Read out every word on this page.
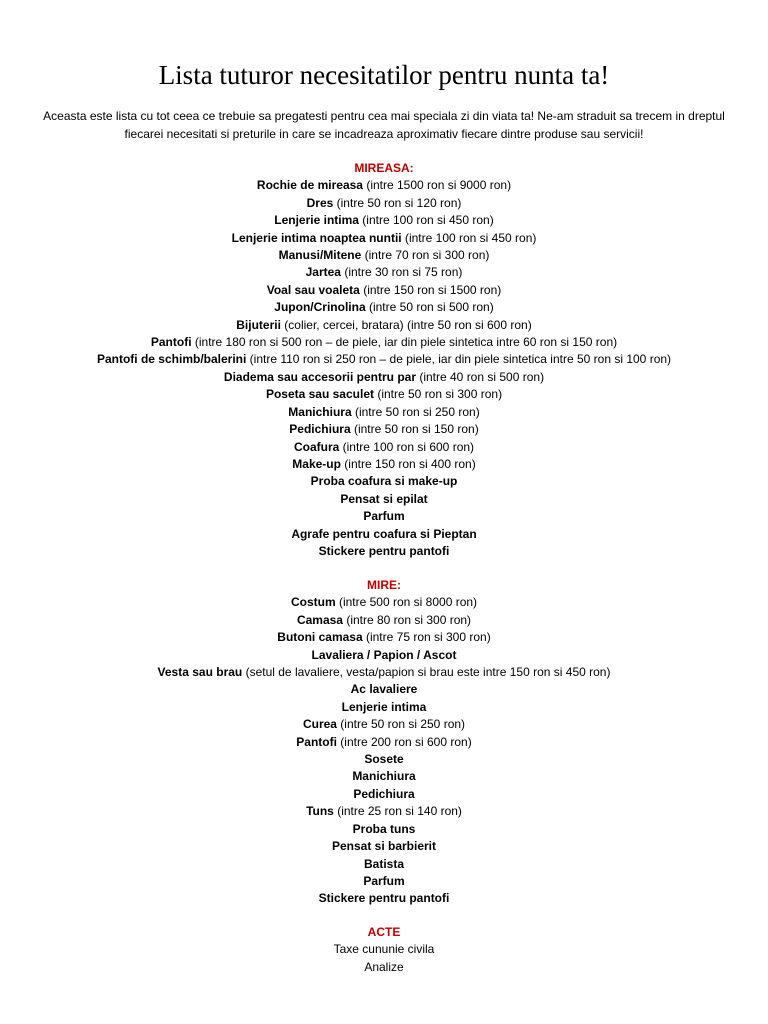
Lista tuturor necesitatilor pentru nunta ta!

Aceasta este lista cu tot ceea ce trebuie sa pregatesti pentru cea mai speciala zi din viata ta! Ne-am straduit sa trecem in dreptul fiecarei necesitati si preturile in care se incadreaza aproximativ fiecare dintre produse sau servicii!

MIREASA:

Rochie de mireasa (intre 1500 ron si 9000 ron)

Dres (intre 50 ron si 120 ron)

Lenjerie intima (intre 100 ron si 450 ron)

Lenjerie intima noaptea nuntii (intre 100 ron si 450 ron)

Manusi/Mitene (intre 70 ron si 300 ron)

Jartea (intre 30 ron si 75 ron)

Voal sau voaleta (intre 150 ron si 1500 ron)

Jupon/Crinolina (intre 50 ron si 500 ron)

Bijuterii (colier, cercei, bratara) (intre 50 ron si 600 ron)

Pantofi (intre 180 ron si 500 ron – de piele, iar din piele sintetica intre 60 ron si 150 ron)

Pantofi de schimb/balerini (intre 110 ron si 250 ron – de piele, iar din piele sintetica intre 50 ron si 100 ron)

Diadema sau accesorii pentru par (intre 40 ron si 500 ron)

Poseta sau saculet (intre 50 ron si 300 ron)

Manichiura (intre 50 ron si 250 ron)

Pedichiura (intre 50 ron si 150 ron)

Coafura (intre 100 ron si 600 ron)

Make-up (intre 150 ron si 400 ron)

Proba coafura si make-up

Pensat si epilat

Parfum

Agrafe pentru coafura si Pieptan

Stickere pentru pantofi

MIRE:

Costum (intre 500 ron si 8000 ron)

Camasa (intre 80 ron si 300 ron)

Butoni camasa (intre 75 ron si 300 ron)

Lavaliera / Papion / Ascot

Vesta sau brau (setul de lavaliere, vesta/papion si brau este intre 150 ron si 450 ron)

Ac lavaliere

Lenjerie intima

Curea (intre 50 ron si 250 ron)

Pantofi (intre 200 ron si 600 ron)

Sosete

Manichiura

Pedichiura

Tuns (intre 25 ron si 140 ron)

Proba tuns

Pensat si barbierit

Batista

Parfum

Stickere pentru pantofi

ACTE

Taxe cununie civila

Analize
